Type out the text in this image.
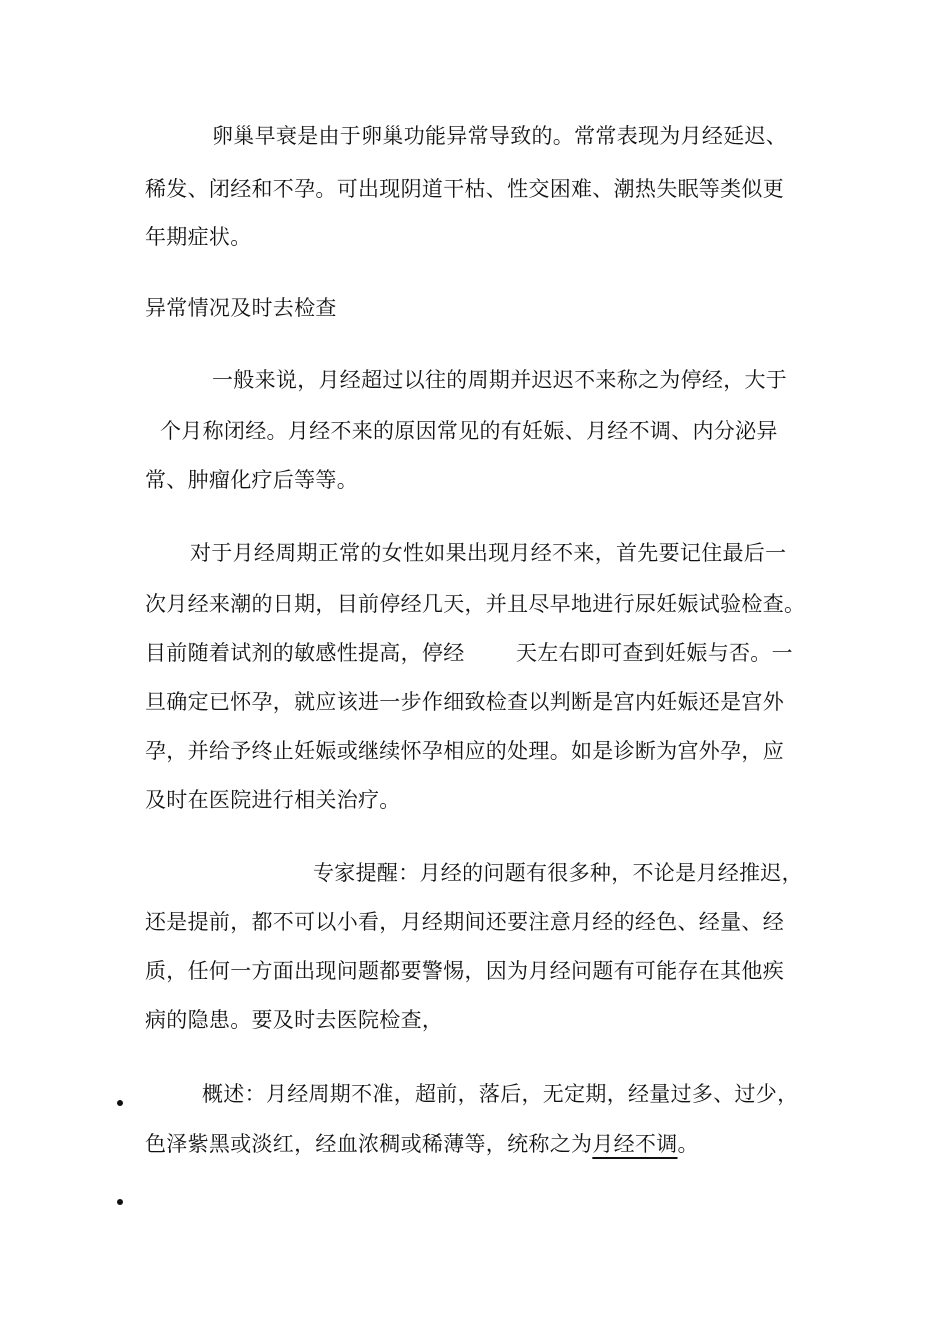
卵巢早衰是由于卵巢功能异常导致的。常常表现为月经延迟、
稀发、闭经和不孕。可出现阴道干枯、性交困难、潮热失眠等类似更
年期症状。
异常情况及时去检查
一般来说，月经超过以往的周期并迟迟不来称之为停经，大于
个月称闭经。月经不来的原因常见的有妊娠、月经不调、内分泌异
常、肿瘤化疗后等等。
对于月经周期正常的女性如果出现月经不来，首先要记住最后一
次月经来潮的日期，目前停经几天，并且尽早地进行尿妊娠试验检查。
目前随着试剂的敏感性提高，停经 天左右即可查到妊娠与否。一
旦确定已怀孕，就应该进一步作细致检查以判断是宫内妊娠还是宫外
孕，并给予终止妊娠或继续怀孕相应的处理。如是诊断为宫外孕，应
及时在医院进行相关治疗。
专家提醒：月经的问题有很多种，不论是月经推迟，
还是提前，都不可以小看，月经期间还要注意月经的经色、经量、经
质，任何一方面出现问题都要警惕，因为月经问题有可能存在其他疾
病的隐患。要及时去医院检查，
概述：月经周期不准，超前，落后，无定期，经量过多、过少，
色泽紫黑或淡红，经血浓稠或稀薄等，统称之为月经不调。
